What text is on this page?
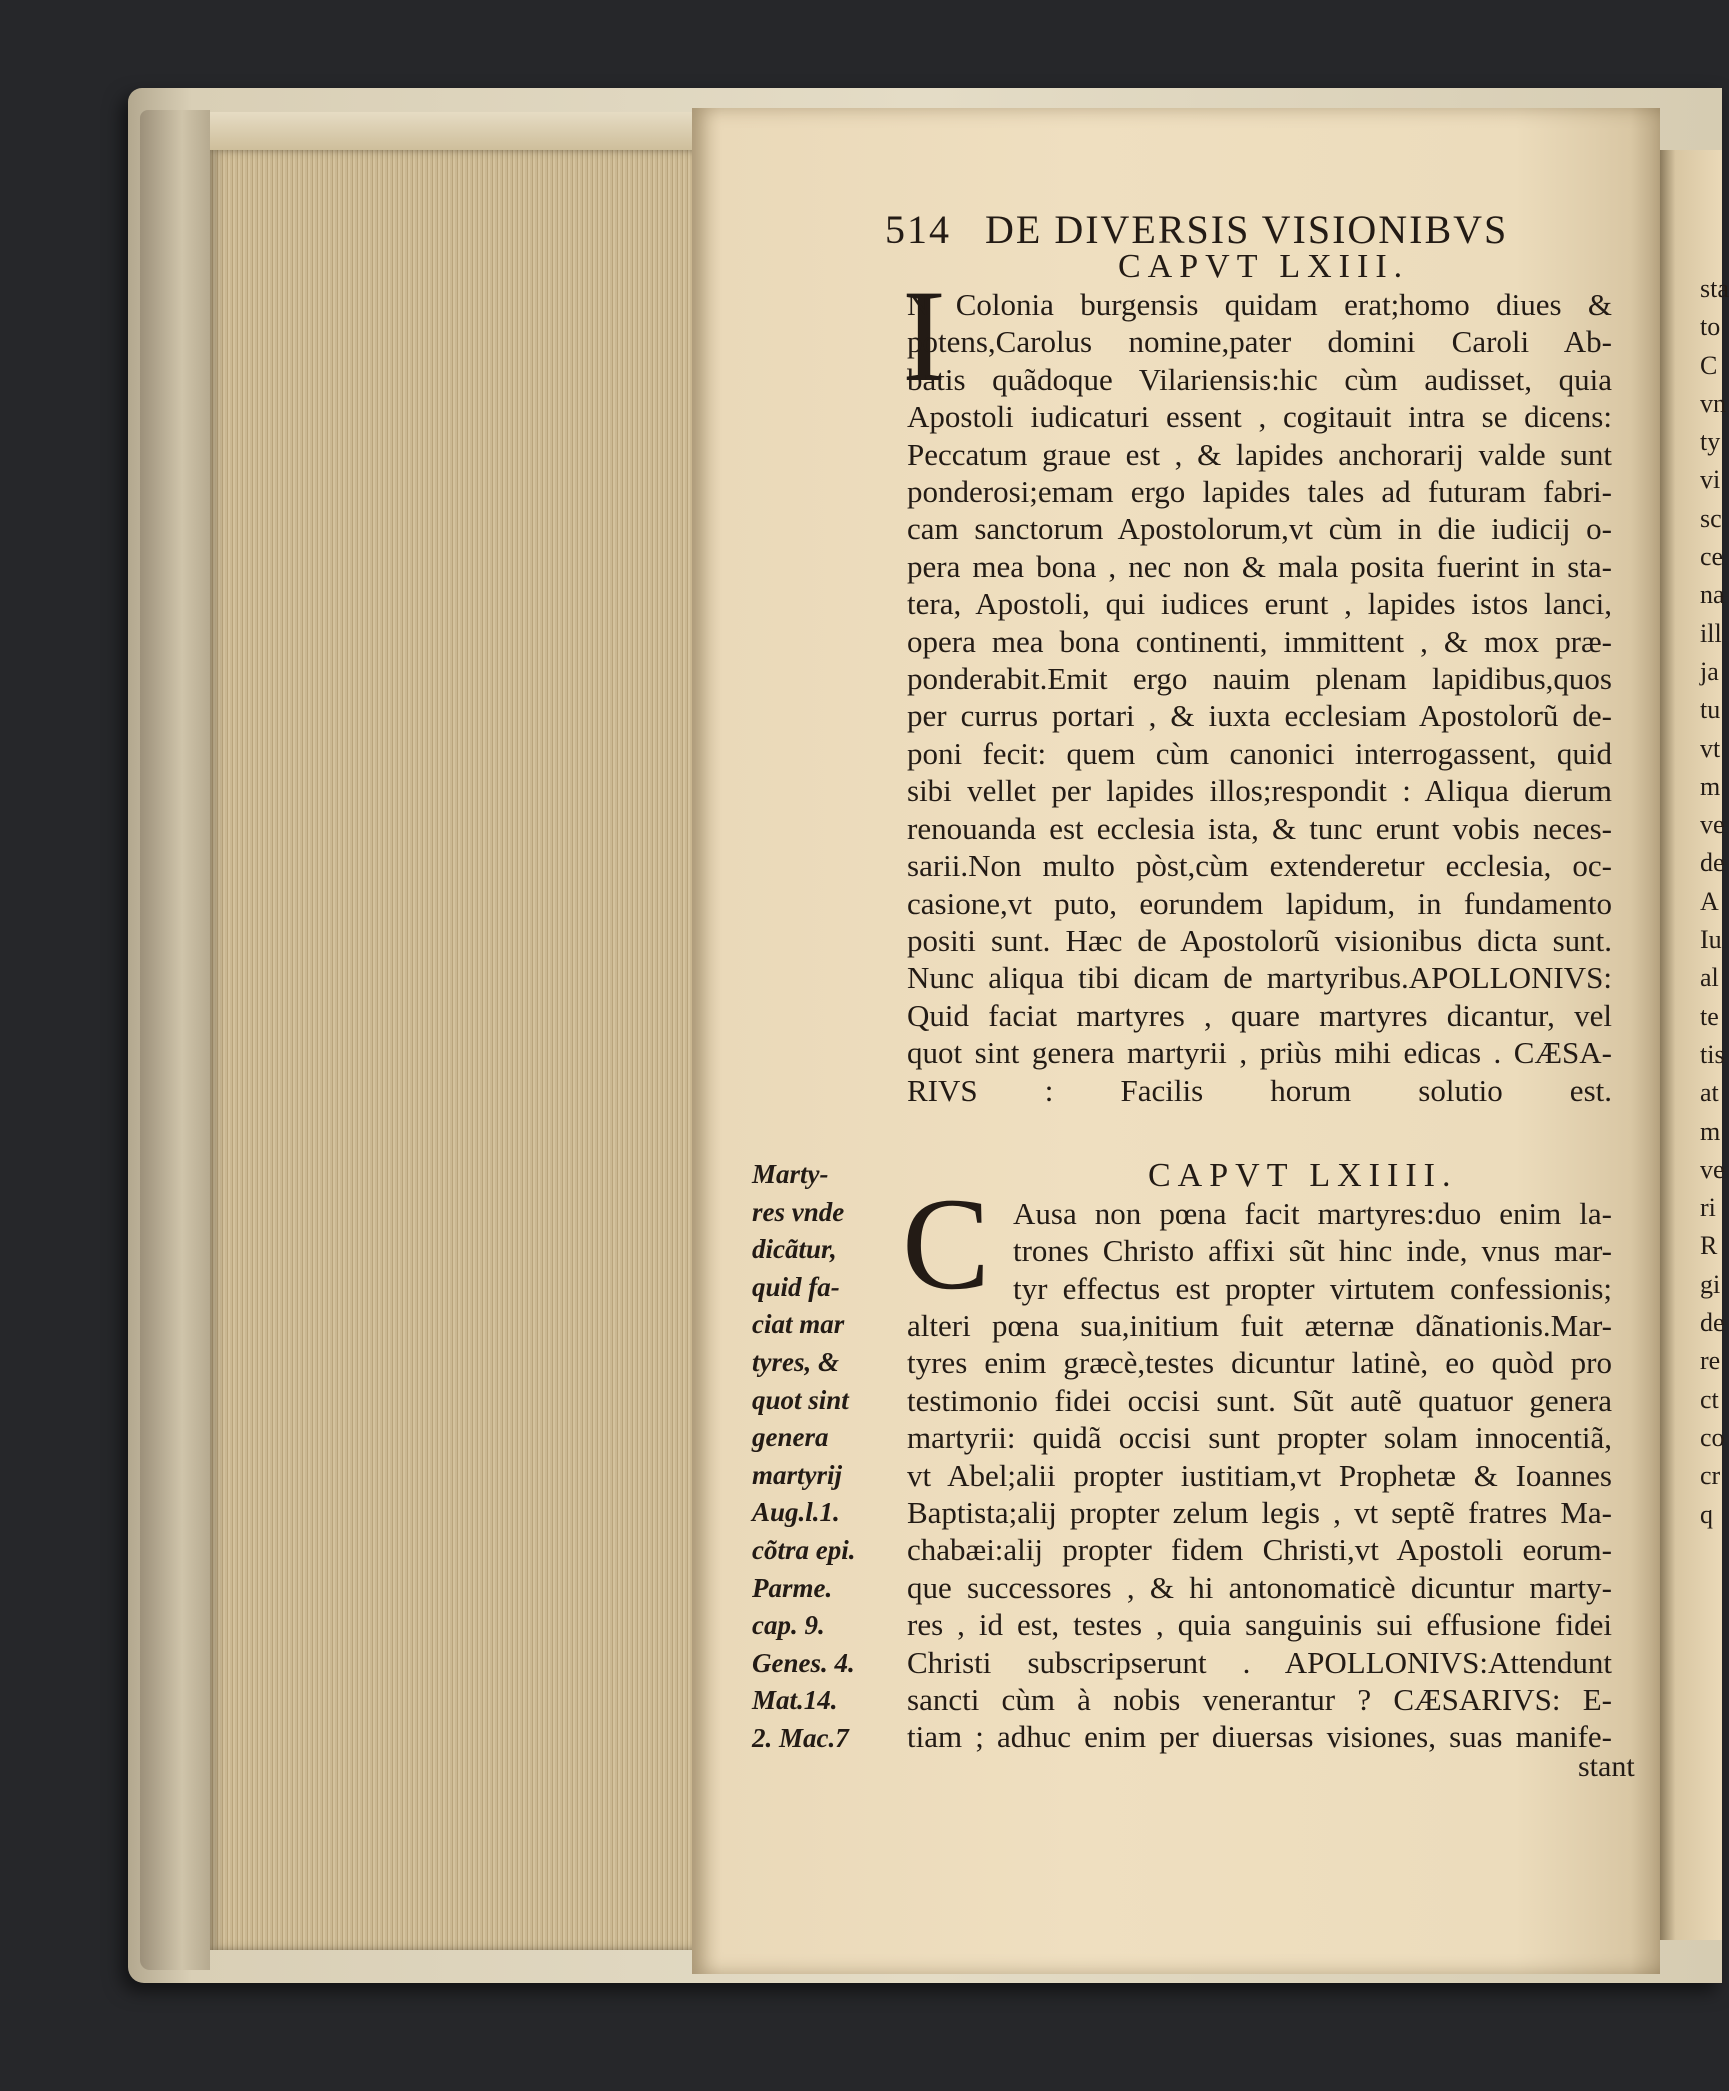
sta
to
C
vn
ty
vi
sc
ce
na
ill
ja
tu
vt
m
ve
de
A
Iu
al
te
tis
at
m
ve
ri
R
gi
de
re
ct
co
cr
q
514 DE DIVERSIS VISIONIBVS
CAPVT LXIII.
I
N Colonia burgensis quidam erat;homo diues &
potens,Carolus nomine,pater domini Caroli Ab-
batis quãdoque Vilariensis:hic cùm audisset, quia
Apostoli iudicaturi essent , cogitauit intra se dicens:
Peccatum graue est , & lapides anchorarij valde sunt
ponderosi;emam ergo lapides tales ad futuram fabri-
cam sanctorum Apostolorum,vt cùm in die iudicij o-
pera mea bona , nec non & mala posita fuerint in sta-
tera, Apostoli, qui iudices erunt , lapides istos lanci,
opera mea bona continenti, immittent , & mox præ-
ponderabit.Emit ergo nauim plenam lapidibus,quos
per currus portari , & iuxta ecclesiam Apostolorũ de-
poni fecit: quem cùm canonici interrogassent, quid
sibi vellet per lapides illos;respondit : Aliqua dierum
renouanda est ecclesia ista, & tunc erunt vobis neces-
sarii.Non multo pòst,cùm extenderetur ecclesia, oc-
casione,vt puto, eorundem lapidum, in fundamento
positi sunt. Hæc de Apostolorũ visionibus dicta sunt.
Nunc aliqua tibi dicam de martyribus.APOLLONIVS:
Quid faciat martyres , quare martyres dicantur, vel
quot sint genera martyrii , priùs mihi edicas . CÆSA-
RIVS : Facilis horum solutio est.
CAPVT LXIIII.
C Ausa non pœna facit martyres:duo enim la-
trones Christo affixi sũt hinc inde, vnus mar-
tyr effectus est propter virtutem confessionis;
alteri pœna sua,initium fuit æternæ dãnationis.Mar-
tyres enim græcè,testes dicuntur latinè, eo quòd pro
testimonio fidei occisi sunt. Sũt autẽ quatuor genera
martyrii: quidã occisi sunt propter solam innocentiã,
vt Abel;alii propter iustitiam,vt Prophetæ & Ioannes
Baptista;alij propter zelum legis , vt septẽ fratres Ma-
chabæi:alij propter fidem Christi,vt Apostoli eorum-
que successores , & hi antonomaticè dicuntur marty-
res , id est, testes , quia sanguinis sui effusione fidei
Christi subscripserunt . APOLLONIVS:Attendunt
sancti cùm à nobis venerantur ? CÆSARIVS: E-
tiam ; adhuc enim per diuersas visiones, suas manife-
Marty-
res vnde
dicãtur,
quid fa-
ciat mar
tyres, &
quot sint
genera
martyrij
Aug.l.1.
cõtra epi.
Parme.
cap. 9.
Genes. 4.
Mat.14.
2. Mac.7
stant
